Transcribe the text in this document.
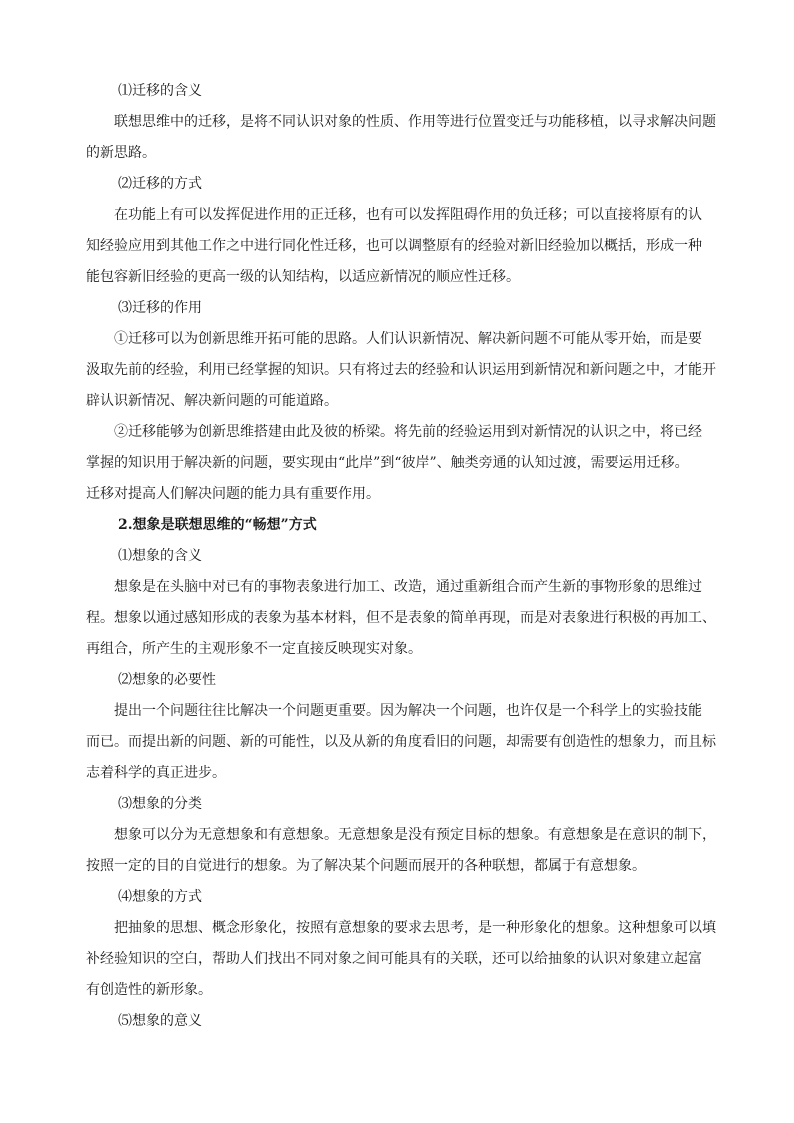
⑴迁移的含义
联想思维中的迁移，是将不同认识对象的性质、作用等进行位置变迁与功能移植，以寻求解决问题
的新思路。
⑵迁移的方式
在功能上有可以发挥促进作用的正迁移，也有可以发挥阻碍作用的负迁移；可以直接将原有的认
知经验应用到其他工作之中进行同化性迁移，也可以调整原有的经验对新旧经验加以概括，形成一种
能包容新旧经验的更高一级的认知结构，以适应新情况的顺应性迁移。
⑶迁移的作用
①迁移可以为创新思维开拓可能的思路。人们认识新情况、解决新问题不可能从零开始，而是要
汲取先前的经验，利用已经掌握的知识。只有将过去的经验和认识运用到新情况和新问题之中，才能开
辟认识新情况、解决新问题的可能道路。
②迁移能够为创新思维搭建由此及彼的桥梁。将先前的经验运用到对新情况的认识之中，将已经
掌握的知识用于解决新的问题，要实现由“此岸”到“彼岸”、触类旁通的认知过渡，需要运用迁移。
迁移对提高人们解决问题的能力具有重要作用。
2.想象是联想思维的“畅想”方式
⑴想象的含义
想象是在头脑中对已有的事物表象进行加工、改造，通过重新组合而产生新的事物形象的思维过
程。想象以通过感知形成的表象为基本材料，但不是表象的简单再现，而是对表象进行积极的再加工、
再组合，所产生的主观形象不一定直接反映现实对象。
⑵想象的必要性
提出一个问题往往比解决一个问题更重要。因为解决一个问题，也许仅是一个科学上的实验技能
而已。而提出新的问题、新的可能性，以及从新的角度看旧的问题，却需要有创造性的想象力，而且标
志着科学的真正进步。
⑶想象的分类
想象可以分为无意想象和有意想象。无意想象是没有预定目标的想象。有意想象是在意识的制下，
按照一定的目的自觉进行的想象。为了解决某个问题而展开的各种联想，都属于有意想象。
⑷想象的方式
把抽象的思想、概念形象化，按照有意想象的要求去思考，是一种形象化的想象。这种想象可以填
补经验知识的空白，帮助人们找出不同对象之间可能具有的关联，还可以给抽象的认识对象建立起富
有创造性的新形象。
⑸想象的意义
